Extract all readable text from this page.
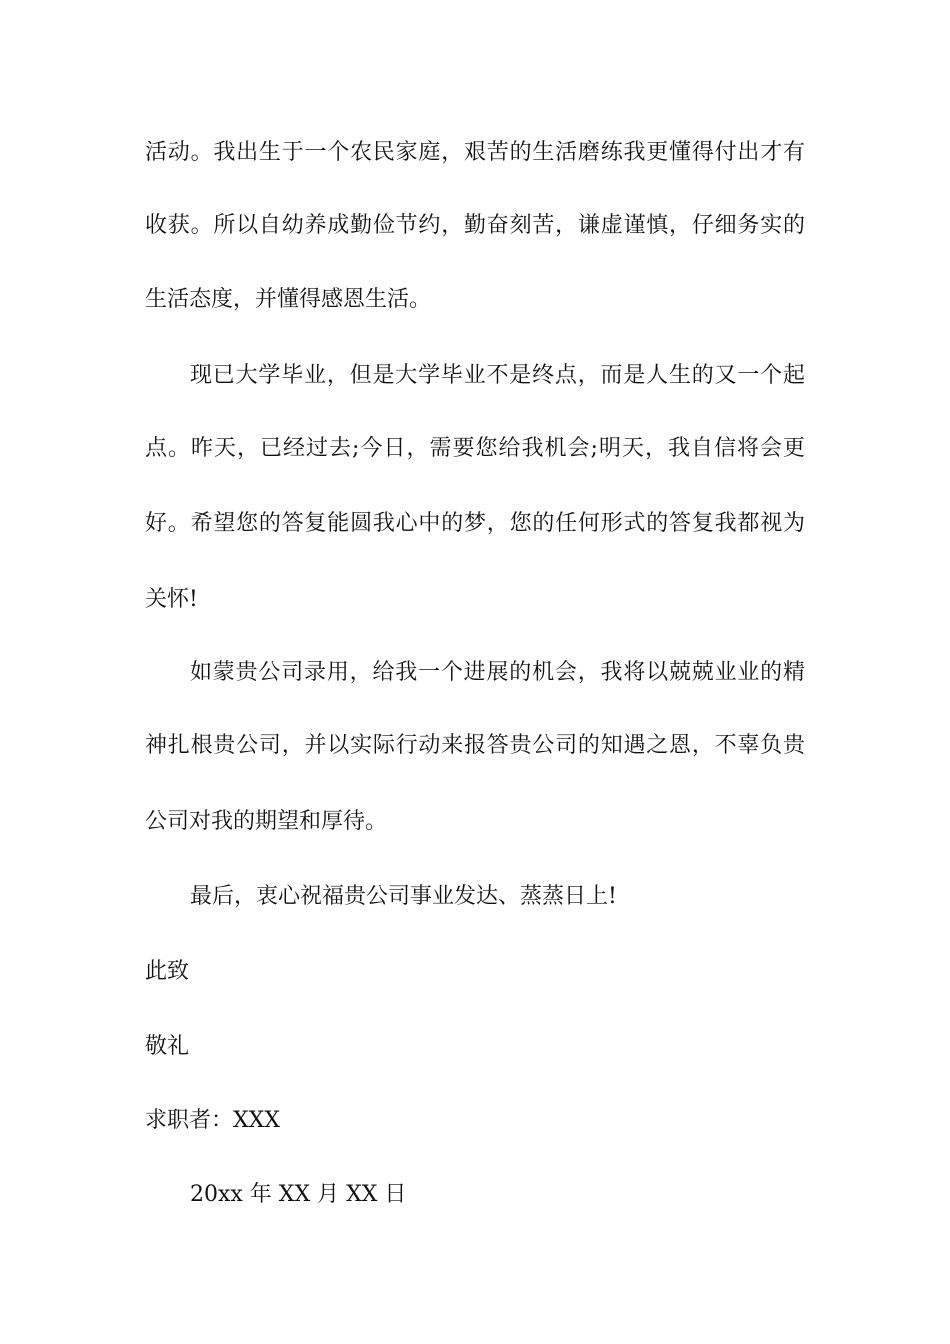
活动。我出生于一个农民家庭，艰苦的生活磨练我更懂得付出才有
收获。所以自幼养成勤俭节约，勤奋刻苦，谦虚谨慎，仔细务实的
生活态度，并懂得感恩生活。
现已大学毕业，但是大学毕业不是终点，而是人生的又一个起
点。昨天，已经过去;今日，需要您给我机会;明天，我自信将会更
好。希望您的答复能圆我心中的梦，您的任何形式的答复我都视为
关怀!
如蒙贵公司录用，给我一个进展的机会，我将以兢兢业业的精
神扎根贵公司，并以实际行动来报答贵公司的知遇之恩，不辜负贵
公司对我的期望和厚待。
最后，衷心祝福贵公司事业发达、蒸蒸日上!
此致
敬礼
求职者：XXX
20xx 年 XX 月 XX 日
